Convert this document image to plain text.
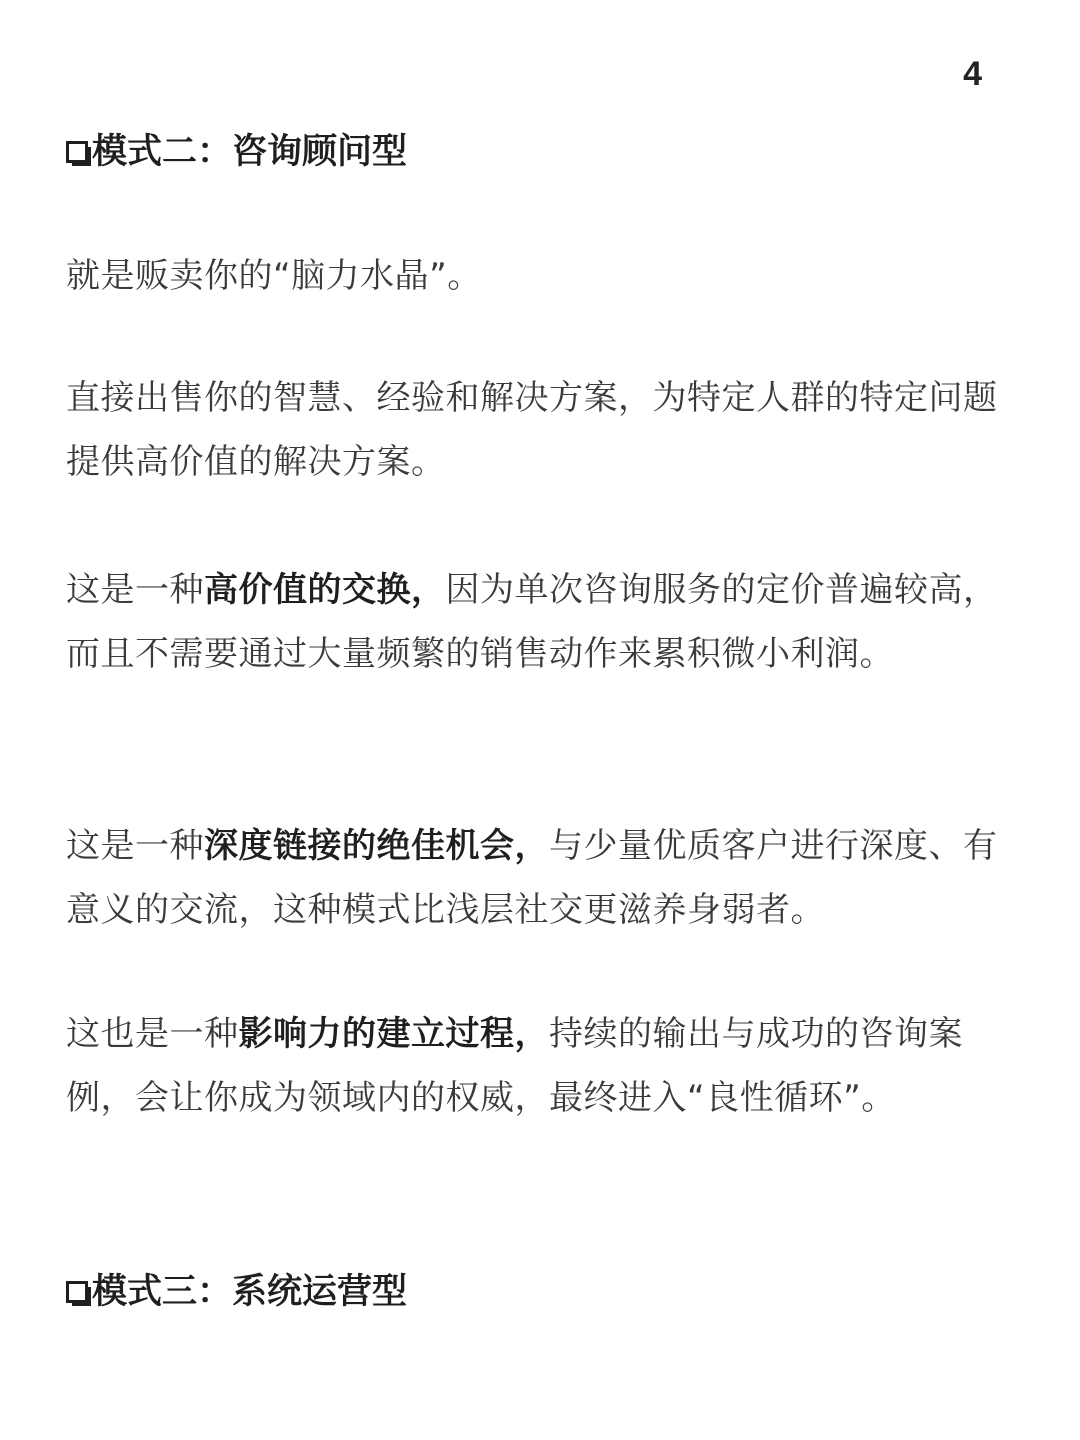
4

模式二：咨询顾问型

就是贩卖你的“脑力水晶”。

直接出售你的智慧、经验和解决方案，为特定人群的特定问题提供高价值的解决方案。

这是一种高价值的交换，因为单次咨询服务的定价普遍较高，而且不需要通过大量频繁的销售动作来累积微小利润。

这是一种深度链接的绝佳机会，与少量优质客户进行深度、有意义的交流，这种模式比浅层社交更滋养身弱者。

这也是一种影响力的建立过程，持续的输出与成功的咨询案例，会让你成为领域内的权威，最终进入“良性循环”。

模式三：系统运营型
